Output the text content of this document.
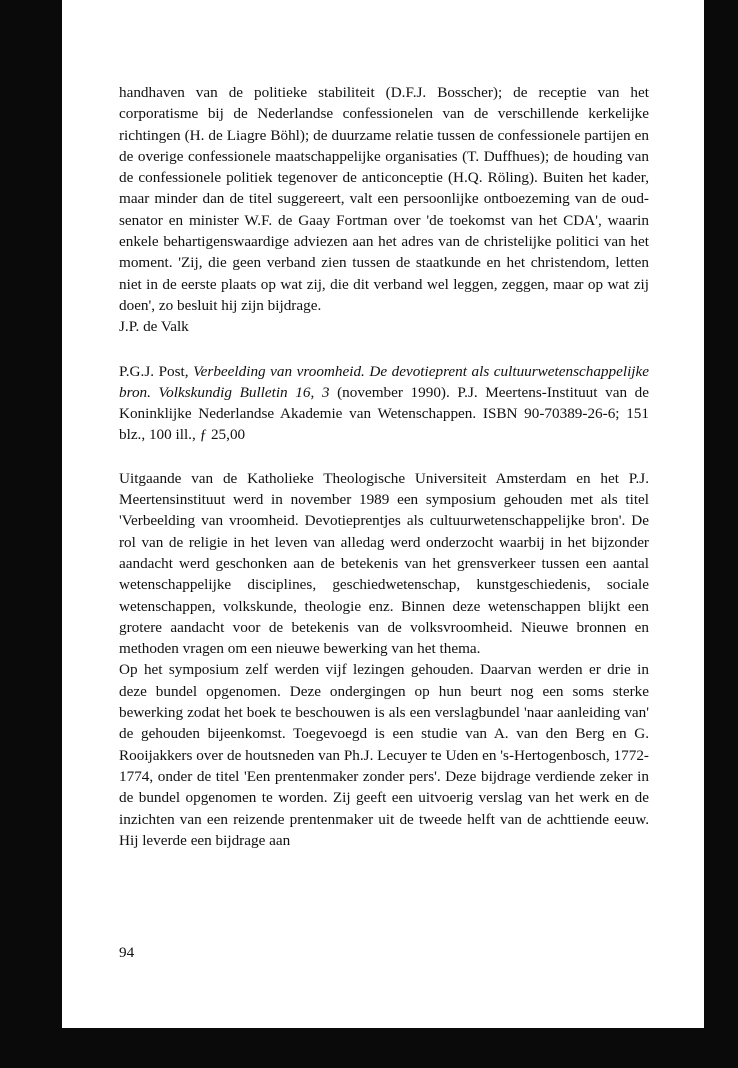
handhaven van de politieke stabiliteit (D.F.J. Bosscher); de receptie van het corporatisme bij de Nederlandse confessionelen van de verschillende kerkelijke richtingen (H. de Liagre Böhl); de duurzame relatie tussen de confessionele partijen en de overige confessionele maatschappelijke organisaties (T. Duffhues); de houding van de confessionele politiek tegenover de anticonceptie (H.Q. Röling). Buiten het kader, maar minder dan de titel suggereert, valt een persoonlijke ontboezeming van de oud-senator en minister W.F. de Gaay Fortman over 'de toekomst van het CDA', waarin enkele behartigenswaardige adviezen aan het adres van de christelijke politici van het moment. 'Zij, die geen verband zien tussen de staatkunde en het christendom, letten niet in de eerste plaats op wat zij, die dit verband wel leggen, zeggen, maar op wat zij doen', zo besluit hij zijn bijdrage.

J.P. de Valk

P.G.J. Post, Verbeelding van vroomheid. De devotieprent als cultuurwetenschappelijke bron. Volkskundig Bulletin 16, 3 (november 1990). P.J. Meertens-Instituut van de Koninklijke Nederlandse Akademie van Wetenschappen. ISBN 90-70389-26-6; 151 blz., 100 ill., ƒ 25,00

Uitgaande van de Katholieke Theologische Universiteit Amsterdam en het P.J. Meertensinstituut werd in november 1989 een symposium gehouden met als titel 'Verbeelding van vroomheid. Devotieprentjes als cultuurwetenschappelijke bron'. De rol van de religie in het leven van alledag werd onderzocht waarbij in het bijzonder aandacht werd geschonken aan de betekenis van het grensverkeer tussen een aantal wetenschappelijke disciplines, geschiedwetenschap, kunstgeschiedenis, sociale wetenschappen, volkskunde, theologie enz. Binnen deze wetenschappen blijkt een grotere aandacht voor de betekenis van de volksvroomheid. Nieuwe bronnen en methoden vragen om een nieuwe bewerking van het thema.

Op het symposium zelf werden vijf lezingen gehouden. Daarvan werden er drie in deze bundel opgenomen. Deze ondergingen op hun beurt nog een soms sterke bewerking zodat het boek te beschouwen is als een verslagbundel 'naar aanleiding van' de gehouden bijeenkomst. Toegevoegd is een studie van A. van den Berg en G. Rooijakkers over de houtsneden van Ph.J. Lecuyer te Uden en 's-Hertogenbosch, 1772-1774, onder de titel 'Een prentenmaker zonder pers'. Deze bijdrage verdiende zeker in de bundel opgenomen te worden. Zij geeft een uitvoerig verslag van het werk en de inzichten van een reizende prentenmaker uit de tweede helft van de achttiende eeuw. Hij leverde een bijdrage aan

94
